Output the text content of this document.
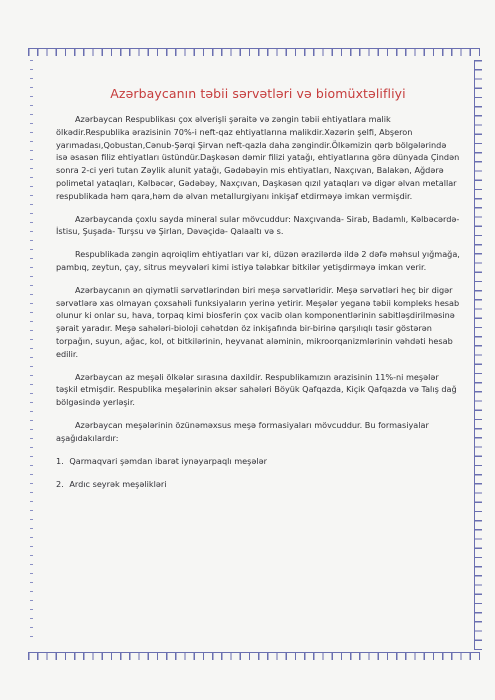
Azərbaycanın təbii sərvətləri və biomüxtəlifliyi

Azərbaycan Respublikası çox əlverişli şəraitə və zəngin təbii ehtiyatlara malik ölkədir.Respublika ərazisinin 70%-i neft-qaz ehtiyatlarına malikdir.Xəzərin şelfi, Abşeron yarımadası,Qobustan,Cənub-Şərqi Şirvan neft-qazla daha zəngindir.Ölkəmizin qərb bölgələrində isə əsasən filiz ehtiyatları üstündür.Daşkəsən dəmir filizi yatağı, ehtiyatlarına görə dünyada Çindən sonra 2-ci yeri tutan Zəylik alunit yatağı, Gədəbəyin mis ehtiyatları, Naxçıvan, Balakən, Ağdərə polimetal yataqları, Kəlbəcər, Gədəbəy, Naxçıvan, Daşkəsən qızıl yataqları və digər əlvan metallar respublikada həm qara,həm də əlvan metallurgiyanı inkişaf etdirməyə imkan vermişdir.

Azərbaycanda çoxlu sayda mineral sular mövcuddur: Naxçıvanda- Sirab, Badamlı, Kəlbəcərdə- İstisu, Şuşada- Turşsu və Şirlan, Dəvəçidə- Qalaaltı və s.

Respublikada zəngin aqroiqlim ehtiyatları var ki, düzən ərazilərdə ildə 2 dəfə məhsul yığmağa, pambıq, zeytun, çay, sitrus meyvələri kimi istiyə tələbkar bitkilər yetişdirməyə imkan verir.

Azərbaycanın ən qiymətli sərvətlərindən biri meşə sərvətləridir. Meşə sərvətləri heç bir digər sərvətlərə xas olmayan çoxsahəli funksiyaların yerinə yetirir. Meşələr yeganə təbii kompleks hesab olunur ki onlar su, hava, torpaq kimi biosferin çox vacib olan komponentlərinin sabitləşdirilməsinə şərait yaradır. Meşə sahələri-bioloji cəhətdən öz inkişafında bir-birinə qarşılıqlı təsir göstərən torpağın, suyun, ağac, kol, ot bitkilərinin, heyvanat aləminin, mikroorqanizmlərinin vəhdəti hesab edilir.

Azərbaycan az meşəli ölkələr sırasına daxildir. Respublikamızın ərazisinin 11%-ni meşələr təşkil etmişdir. Respublika meşələrinin əksər sahələri Böyük Qafqazda, Kiçik Qafqazda və Talış dağ bölgəsində yerləşir.

Azərbaycan meşələrinin özünəməxsus meşə formasiyaları mövcuddur. Bu formasiyalar aşağıdakılardır:

1. Qarmaqvari şəmdan ibarət iynəyarpaqlı meşələr
2. Ardıc seyrək meşəlikləri
